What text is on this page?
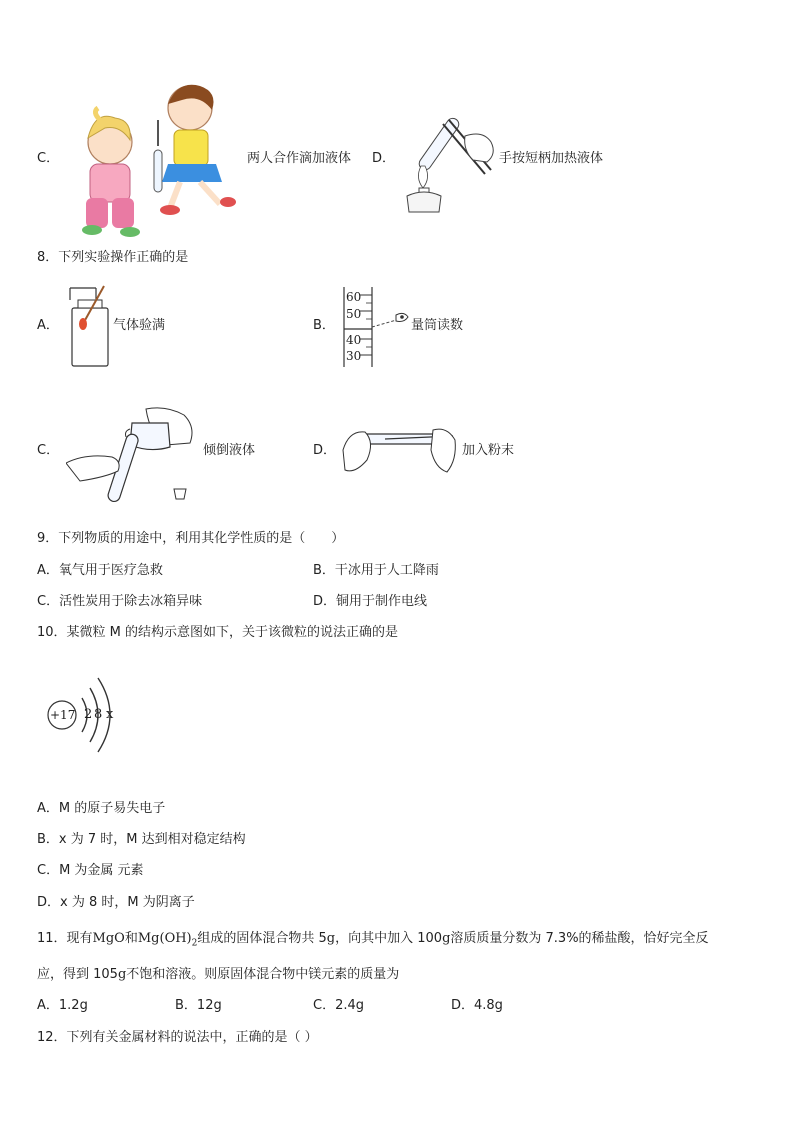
C．	两人合作滴加液体 D．	手按短柄加热液体
8．下列实验操作正确的是
A．	气体验满	B．
60
50
40
30
量筒读数
C．	倾倒液体	D．	加入粉末
9．下列物质的用途中，利用其化学性质的是（　　）
A．氧气用于医疗急救	B．干冰用于人工降雨
C．活性炭用于除去冰箱异味	D．铜用于制作电线
10．某微粒 M 的结构示意图如下，关于该微粒的说法正确的是
+17 2 8 x
A．M 的原子易失电子
B．x 为 7 时，M 达到相对稳定结构
C．M 为金属 元素
D．x 为 8 时，M 为阴离子
11．现有MgO和$Mg(OH)_2$组成的固体混合物共 5g，向其中加入 100g溶质质量分数为 7.3%的稀盐酸，恰好完全反
应，得到 105g不饱和溶液。则原固体混合物中镁元素的质量为
A．1.2g	B．12g	C．2.4g	D．4.8g
12．下列有关金属材料的说法中，正确的是（ ）
